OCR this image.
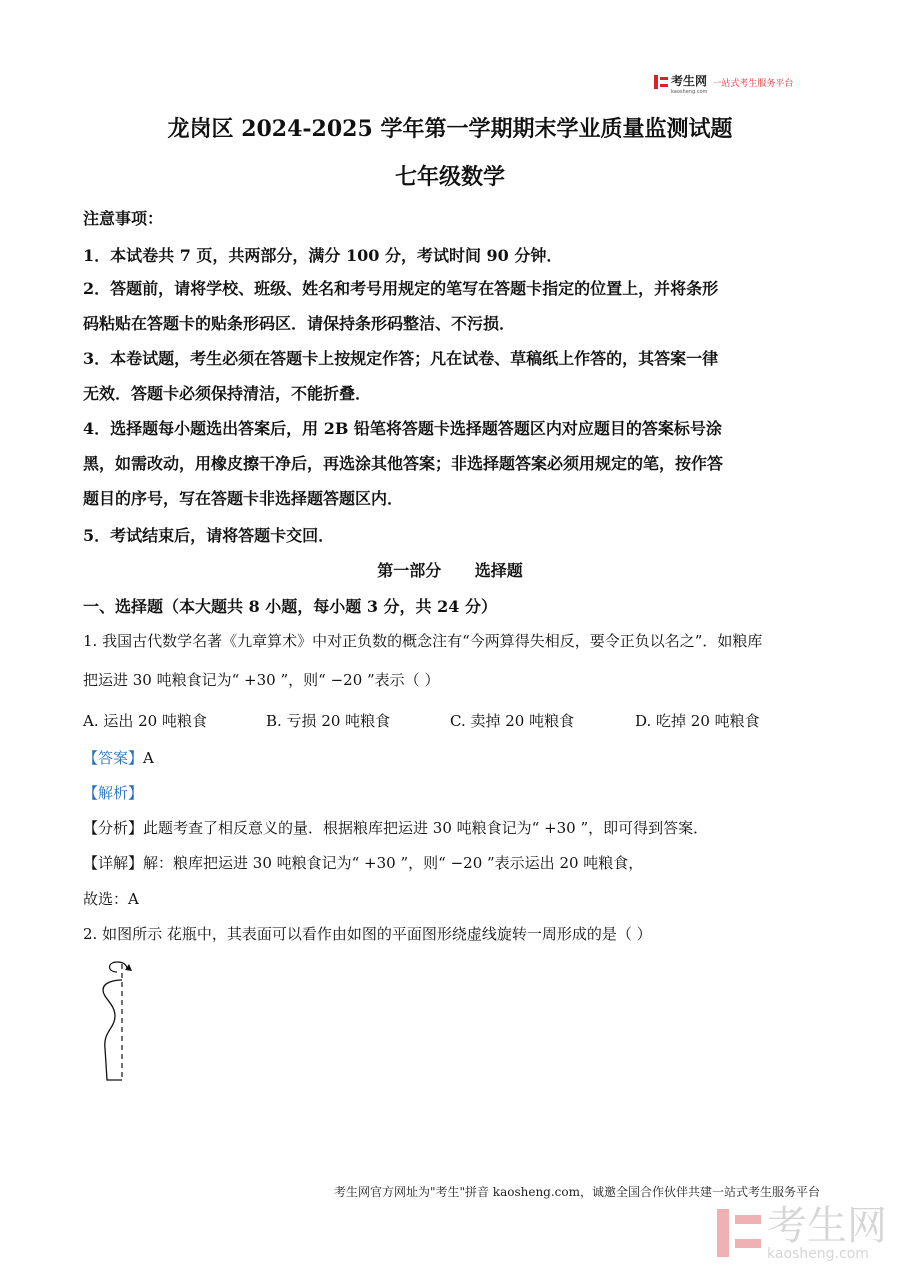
考生网
kaosheng.com
一站式考生服务平台
龙岗区 2024-2025 学年第一学期期末学业质量监测试题
七年级数学
注意事项：
1．本试卷共 7 页，共两部分，满分 100 分，考试时间 90 分钟．
2．答题前，请将学校、班级、姓名和考号用规定的笔写在答题卡指定的位置上，并将条形
码粘贴在答题卡的贴条形码区．请保持条形码整洁、不污损．
3．本卷试题，考生必须在答题卡上按规定作答；凡在试卷、草稿纸上作答的，其答案一律
无效．答题卡必须保持清洁，不能折叠．
4．选择题每小题选出答案后，用 2B 铅笔将答题卡选择题答题区内对应题目的答案标号涂
黑，如需改动，用橡皮擦干净后，再选涂其他答案；非选择题答案必须用规定的笔，按作答
题目的序号，写在答题卡非选择题答题区内．
5．考试结束后，请将答题卡交回．
第一部分      选择题
一、选择题（本大题共 8 小题，每小题 3 分，共 24 分）
1. 我国古代数学名著《九章算术》中对正负数的概念注有“今两算得失相反，要令正负以名之”．如粮库
把运进 30 吨粮食记为“ +30 ”，则“ −20 ”表示（ ）
A. 运出 20 吨粮食	B. 亏损 20 吨粮食	C. 卖掉 20 吨粮食	D. 吃掉 20 吨粮食
【答案】A
【解析】
【分析】此题考查了相反意义的量．根据粮库把运进 30 吨粮食记为“ +30 ”，即可得到答案．
【详解】解：粮库把运进 30 吨粮食记为“ +30 ”，则“ −20 ”表示运出 20 吨粮食，
故选：A
2. 如图所示 花瓶中，其表面可以看作由如图的平面图形绕虚线旋转一周形成的是（ ）
考生网官方网址为"考生"拼音 kaosheng.com，诚邀全国合作伙伴共建一站式考生服务平台
考生网
kaosheng.com
